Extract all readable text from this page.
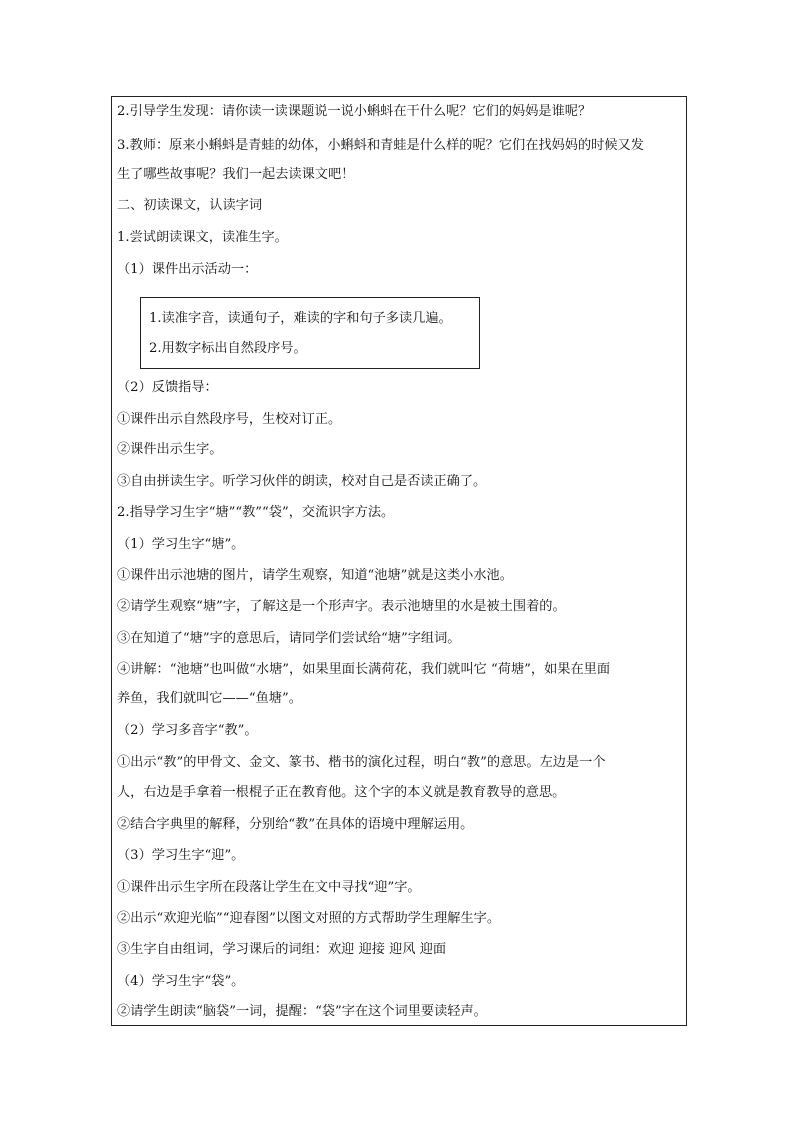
2.引导学生发现：请你读一读课题说一说小蝌蚪在干什么呢？它们的妈妈是谁呢？
3.教师：原来小蝌蚪是青蛙的幼体，小蝌蚪和青蛙是什么样的呢？它们在找妈妈的时候又发
生了哪些故事呢？我们一起去读课文吧！
二、初读课文，认读字词
1.尝试朗读课文，读准生字。
（1）课件出示活动一：
1.读准字音，读通句子，难读的字和句子多读几遍。
2.用数字标出自然段序号。
（2）反馈指导：
①课件出示自然段序号，生校对订正。
②课件出示生字。
③自由拼读生字。听学习伙伴的朗读，校对自己是否读正确了。
2.指导学习生字“塘”“教”“袋”，交流识字方法。
（1）学习生字“塘”。
①课件出示池塘的图片，请学生观察，知道“池塘”就是这类小水池。
②请学生观察“塘”字，了解这是一个形声字。表示池塘里的水是被土围着的。
③在知道了“塘”字的意思后，请同学们尝试给“塘”字组词。
④讲解：“池塘”也叫做“水塘”，如果里面长满荷花，我们就叫它 “荷塘”，如果在里面
养鱼，我们就叫它——“鱼塘”。
（2）学习多音字“教”。
①出示“教”的甲骨文、金文、篆书、楷书的演化过程，明白“教”的意思。左边是一个
人，右边是手拿着一根棍子正在教育他。这个字的本义就是教育教导的意思。
②结合字典里的解释，分别给“教”在具体的语境中理解运用。
（3）学习生字“迎”。
①课件出示生字所在段落让学生在文中寻找“迎”字。
②出示“欢迎光临”“迎春图”以图文对照的方式帮助学生理解生字。
③生字自由组词，学习课后的词组：欢迎 迎接 迎风 迎面
（4）学习生字“袋”。
②请学生朗读“脑袋”一词，提醒：“袋”字在这个词里要读轻声。
